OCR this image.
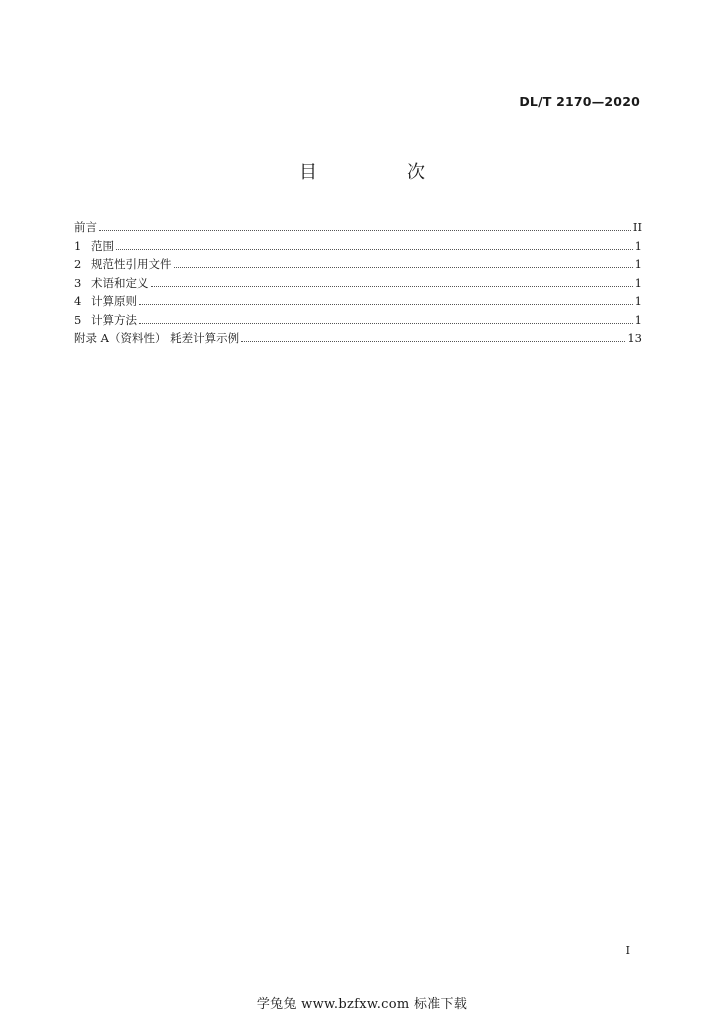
DL/T 2170—2020
目　次
前言	II
1 范围	1
2 规范性引用文件	1
3 术语和定义	1
4 计算原则	1
5 计算方法	1
附录 A（资料性） 耗差计算示例	13
I
学兔兔 www.bzfxw.com 标准下载
